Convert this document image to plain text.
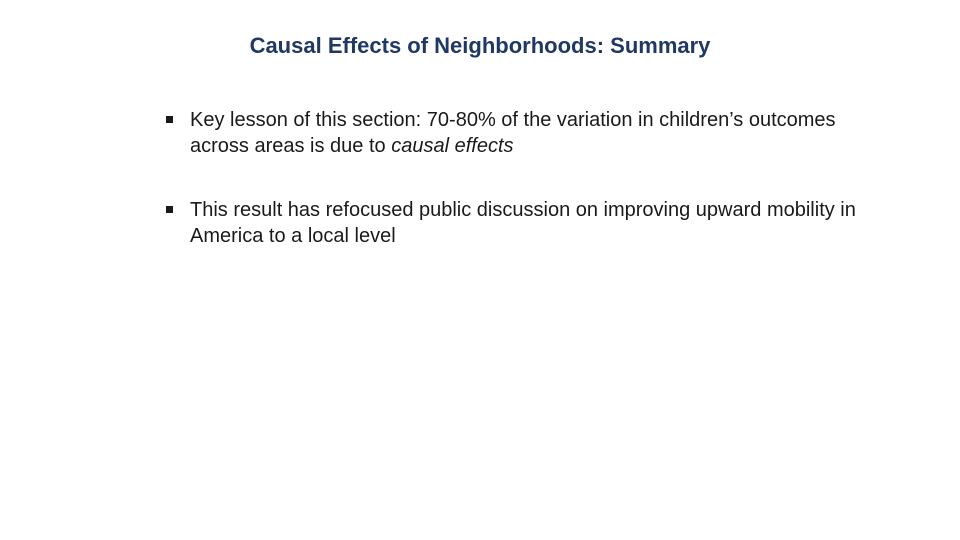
Causal Effects of Neighborhoods: Summary
Key lesson of this section: 70-80% of the variation in children’s outcomes across areas is due to causal effects
This result has refocused public discussion on improving upward mobility in America to a local level
